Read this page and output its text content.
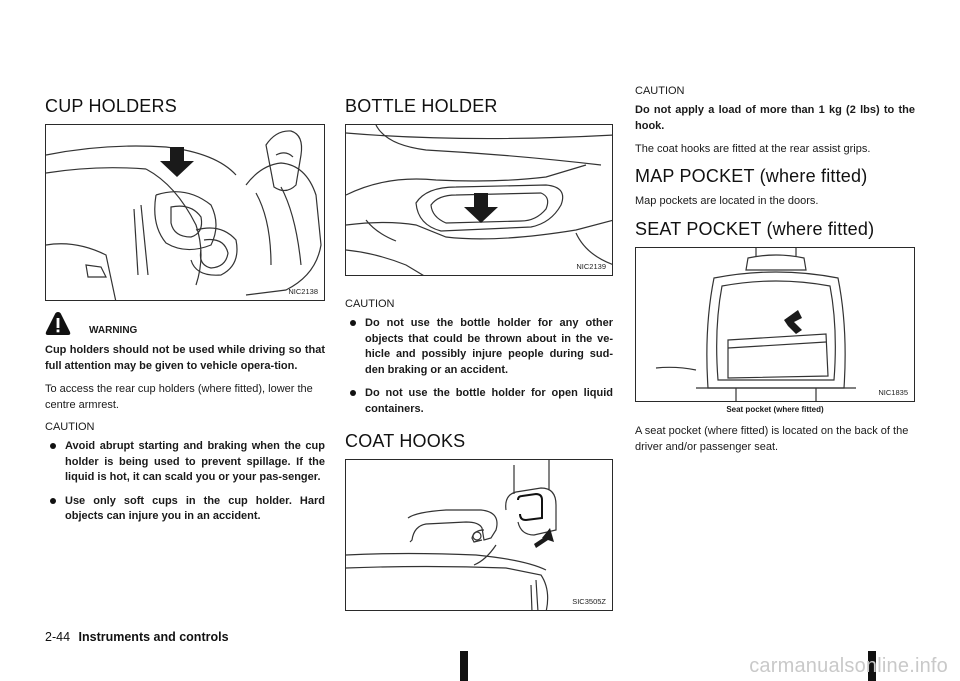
CUP HOLDERS
NIC2138
WARNING

Cup holders should not be used while driving so that full attention may be given to vehicle opera-tion.

To access the rear cup holders (where fitted), lower the centre armrest.

CAUTION
Avoid abrupt starting and braking when the cup holder is being used to prevent spillage. If the liquid is hot, it can scald you or your pas-senger.
Use only soft cups in the cup holder. Hard objects can injure you in an accident.
BOTTLE HOLDER
NIC2139
CAUTION
Do not use the bottle holder for any other objects that could be thrown about in the ve-hicle and possibly injure people during sud-den braking or an accident.
Do not use the bottle holder for open liquid containers.
COAT HOOKS
SIC3505Z
CAUTION

Do not apply a load of more than 1 kg (2 lbs) to the hook.

The coat hooks are fitted at the rear assist grips.

MAP POCKET (where fitted)

Map pockets are located in the doors.

SEAT POCKET (where fitted)
NIC1835
Seat pocket (where fitted)

A seat pocket (where fitted) is located on the back of the driver and/or passenger seat.

2-44 Instruments and controls
carmanualsonline.info
